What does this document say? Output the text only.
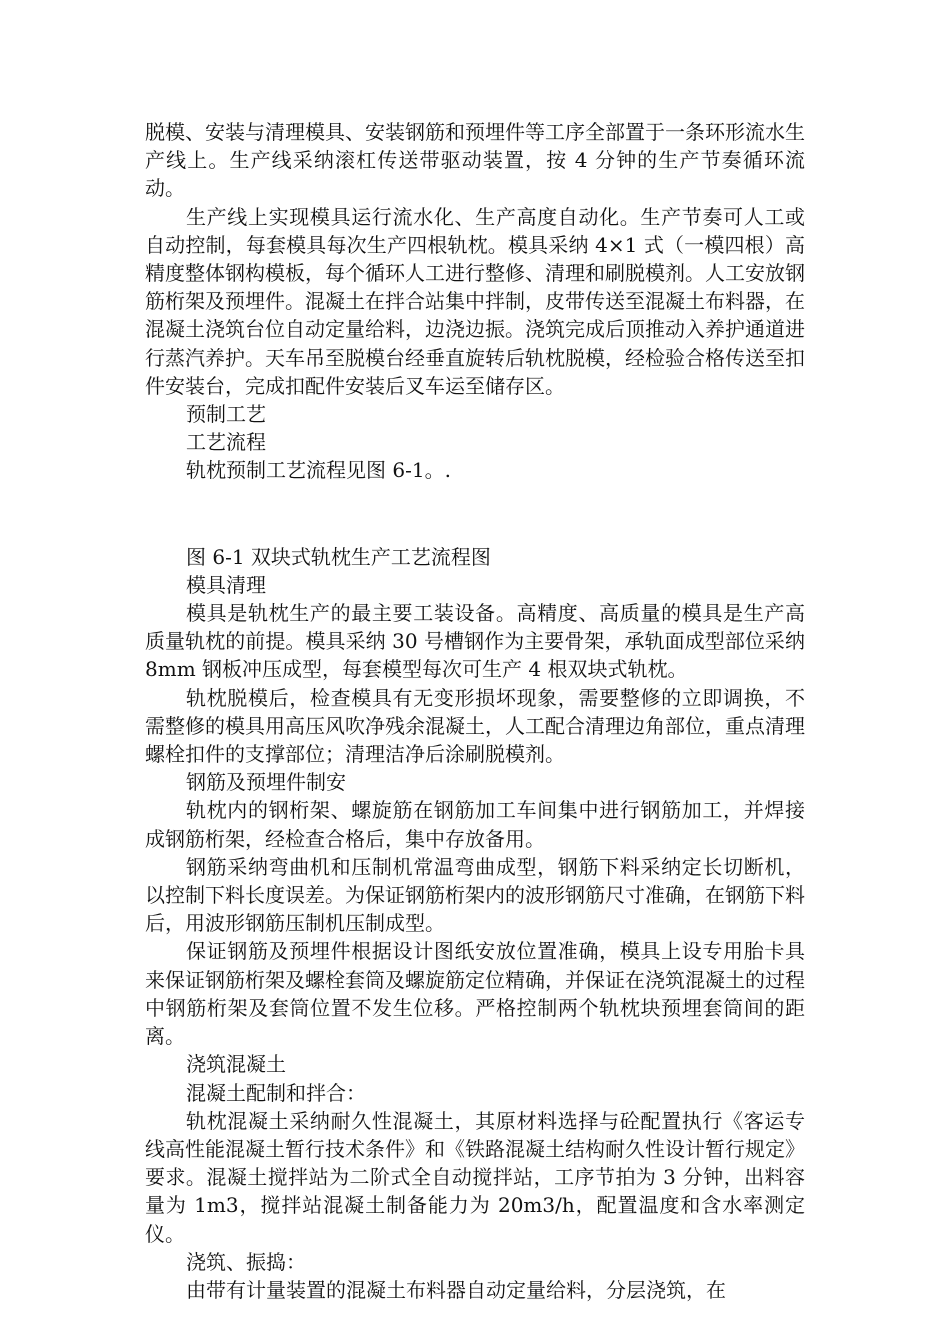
脱模、安装与清理模具、安装钢筋和预埋件等工序全部置于一条环形流水生产线上。生产线采纳滚杠传送带驱动装置，按 4 分钟的生产节奏循环流动。

生产线上实现模具运行流水化、生产高度自动化。生产节奏可人工或自动控制，每套模具每次生产四根轨枕。模具采纳 4×1 式（一模四根）高精度整体钢构模板，每个循环人工进行整修、清理和刷脱模剂。人工安放钢筋桁架及预埋件。混凝土在拌合站集中拌制，皮带传送至混凝土布料器，在混凝土浇筑台位自动定量给料，边浇边振。浇筑完成后顶推动入养护通道进行蒸汽养护。天车吊至脱模台经垂直旋转后轨枕脱模，经检验合格传送至扣件安装台，完成扣配件安装后叉车运至储存区。

预制工艺

工艺流程

轨枕预制工艺流程见图 6-1。.

图 6-1 双块式轨枕生产工艺流程图

模具清理

模具是轨枕生产的最主要工装设备。高精度、高质量的模具是生产高质量轨枕的前提。模具采纳 30 号槽钢作为主要骨架，承轨面成型部位采纳 8mm 钢板冲压成型，每套模型每次可生产 4 根双块式轨枕。

轨枕脱模后，检查模具有无变形损坏现象，需要整修的立即调换，不需整修的模具用高压风吹净残余混凝土，人工配合清理边角部位，重点清理螺栓扣件的支撑部位；清理洁净后涂刷脱模剂。

钢筋及预埋件制安

轨枕内的钢桁架、螺旋筋在钢筋加工车间集中进行钢筋加工，并焊接成钢筋桁架，经检查合格后，集中存放备用。

钢筋采纳弯曲机和压制机常温弯曲成型，钢筋下料采纳定长切断机，以控制下料长度误差。为保证钢筋桁架内的波形钢筋尺寸准确，在钢筋下料后，用波形钢筋压制机压制成型。

保证钢筋及预埋件根据设计图纸安放位置准确，模具上设专用胎卡具来保证钢筋桁架及螺栓套筒及螺旋筋定位精确，并保证在浇筑混凝土的过程中钢筋桁架及套筒位置不发生位移。严格控制两个轨枕块预埋套筒间的距离。

浇筑混凝土

混凝土配制和拌合：

轨枕混凝土采纳耐久性混凝土，其原材料选择与砼配置执行《客运专线高性能混凝土暂行技术条件》和《铁路混凝土结构耐久性设计暂行规定》要求。混凝土搅拌站为二阶式全自动搅拌站，工序节拍为 3 分钟，出料容量为 1m3，搅拌站混凝土制备能力为 20m3/h，配置温度和含水率测定仪。

浇筑、振捣：

由带有计量装置的混凝土布料器自动定量给料，分层浇筑，在
